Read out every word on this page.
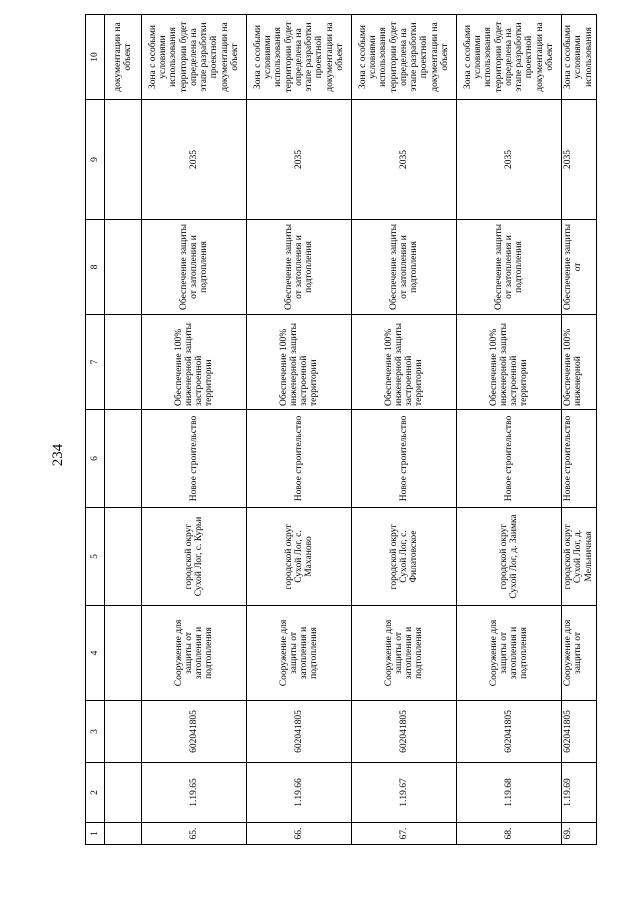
234
1	2	3	4	5	6	7	8	9	10
									документации на объект
65.	1.19.65	602041805	Сооружение для защиты от затопления и подтопления	городской округ Сухой Лог, с. Курьи	Новое строительство	Обеспечение 100% инженерной защиты застроенной территории	Обеспечение защиты от затопления и подтопления	2035	Зона с особыми условиями использования территории будет определена на этапе разработки проектной документации на объект
66.	1.19.66	602041805	Сооружение для защиты от затопления и подтопления	городской округ Сухой Лог, с. Маханово	Новое строительство	Обеспечение 100% инженерной защиты застроенной территории	Обеспечение защиты от затопления и подтопления	2035	Зона с особыми условиями использования территории будет определена на этапе разработки проектной документации на объект
67.	1.19.67	602041805	Сооружение для защиты от затопления и подтопления	городской округ Сухой Лог, с. Филатовское	Новое строительство	Обеспечение 100% инженерной защиты застроенной территории	Обеспечение защиты от затопления и подтопления	2035	Зона с особыми условиями использования территории будет определена на этапе разработки проектной документации на объект
68.	1.19.68	602041805	Сооружение для защиты от затопления и подтопления	городской округ Сухой Лог, д. Заимка	Новое строительство	Обеспечение 100% инженерной защиты застроенной территории	Обеспечение защиты от затопления и подтопления	2035	Зона с особыми условиями использования территории будет определена на этапе разработки проектной документации на объект
69.	1.19.69	602041805	Сооружение для защиты от	городской округ Сухой Лог, д. Мельничная	Новое строительство	Обеспечение 100% инженерной	Обеспечение защиты от	2035	Зона с особыми условиями использования
